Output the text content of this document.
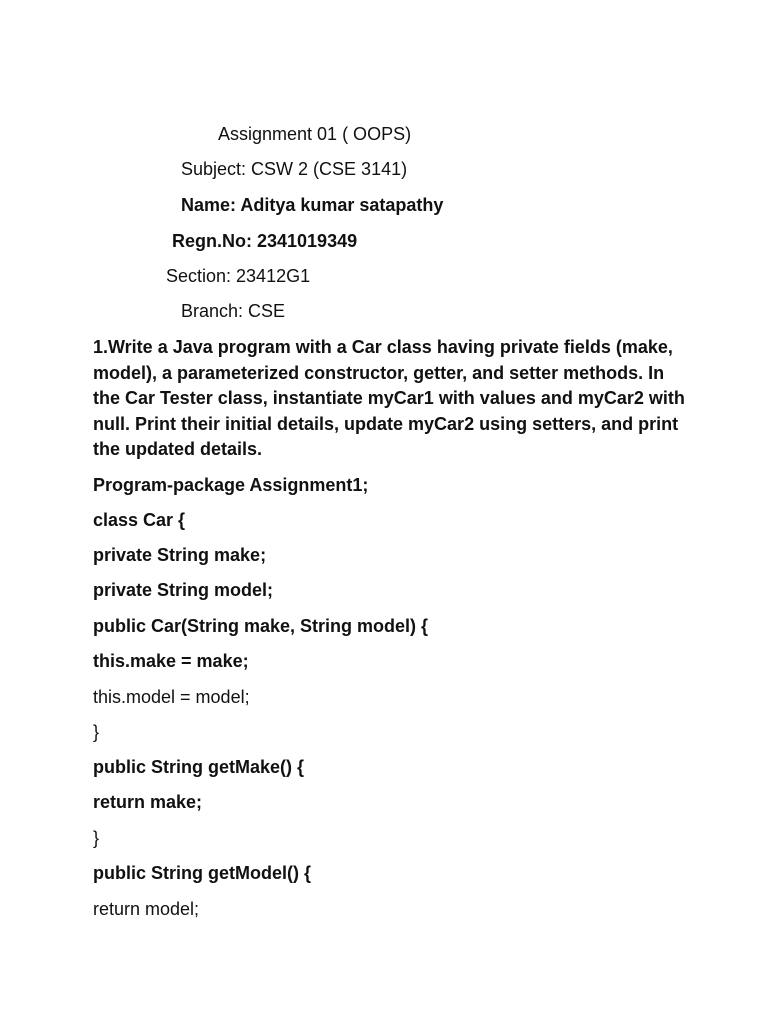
Assignment 01 ( OOPS)
Subject: CSW 2 (CSE 3141)
Name: Aditya kumar satapathy
Regn.No: 2341019349
Section: 23412G1
Branch: CSE
1.Write a Java program with a Car class having private fields (make, model), a parameterized constructor, getter, and setter methods. In the Car Tester class, instantiate myCar1 with values and myCar2 with null. Print their initial details, update myCar2 using setters, and print the updated details.
Program-package Assignment1;
class Car {
private String make;
private String model;
public Car(String make, String model) {
this.make = make;
this.model = model;
}
public String getMake() {
return make;
}
public String getModel() {
return model;
